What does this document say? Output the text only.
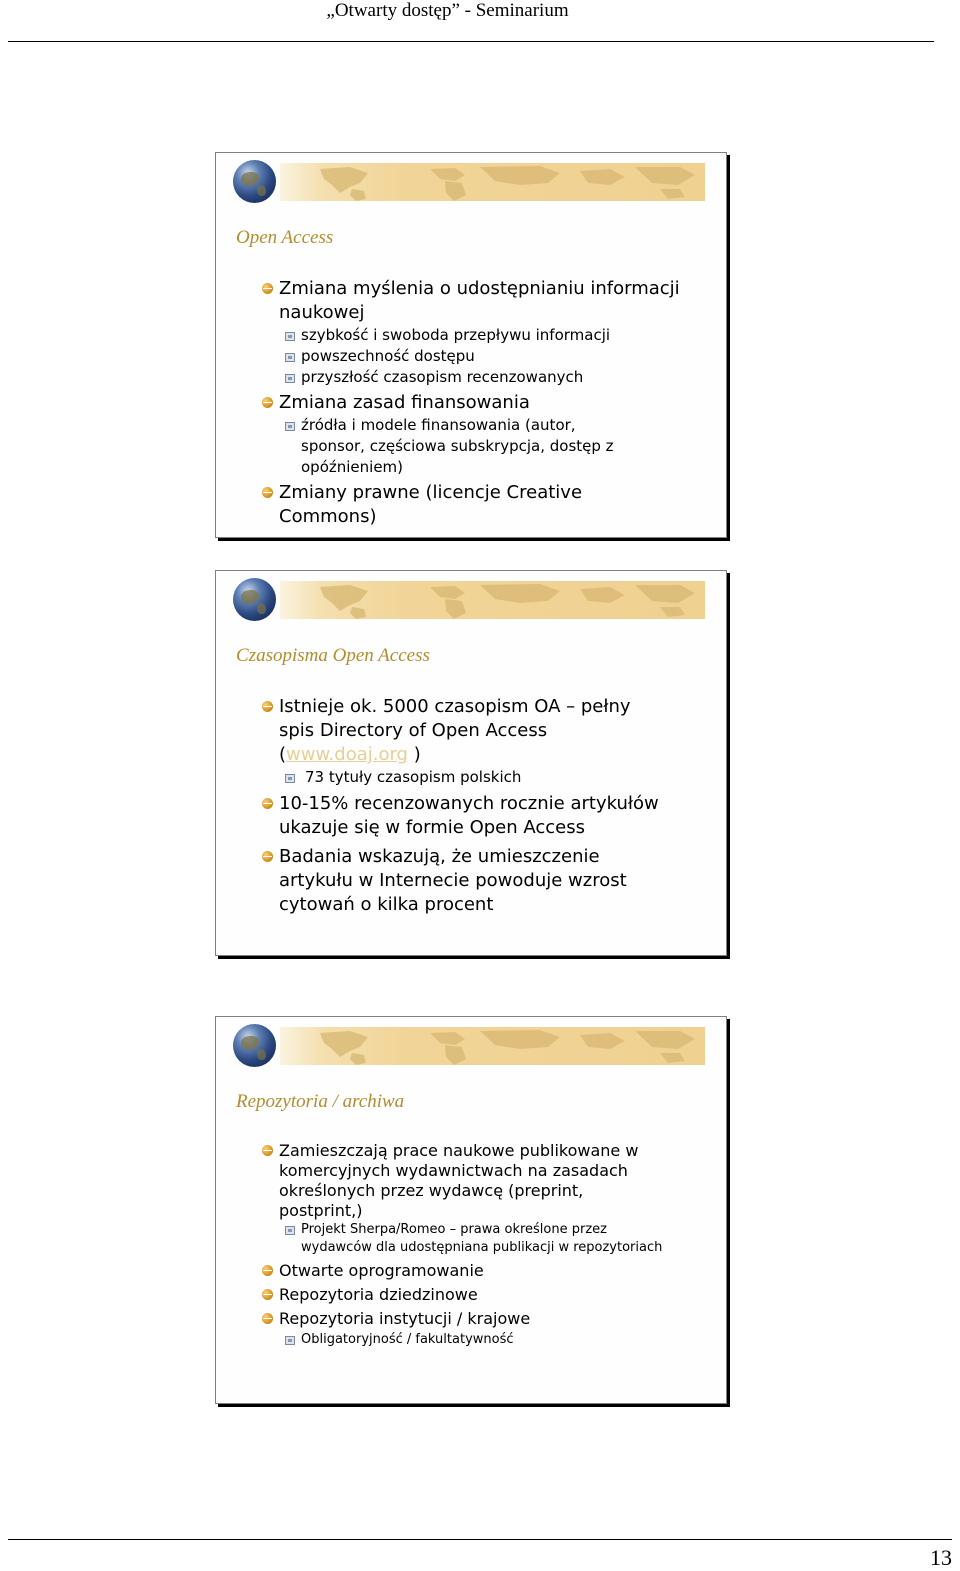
„Otwarty dostęp” - Seminarium
Open Access
Zmiana myślenia o udostępnianiu informacji naukowej
szybkość i swoboda przepływu informacji
powszechność dostępu
przyszłość czasopism recenzowanych
Zmiana zasad finansowania
źródła i modele finansowania (autor, sponsor, częściowa subskrypcja, dostęp z opóźnieniem)
Zmiany prawne (licencje Creative Commons)
Czasopisma Open Access
Istnieje ok. 5000 czasopism OA – pełny spis Directory of Open Access (www.doaj.org )
73 tytuły czasopism polskich
10-15% recenzowanych rocznie artykułów ukazuje się w formie Open Access
Badania wskazują, że umieszczenie artykułu w Internecie powoduje wzrost cytowań o kilka procent
Repozytoria / archiwa
Zamieszczają prace naukowe publikowane w komercyjnych wydawnictwach na zasadach określonych przez wydawcę (preprint, postprint,)
Projekt Sherpa/Romeo – prawa określone przez wydawców dla udostępniana publikacji w repozytoriach
Otwarte oprogramowanie
Repozytoria dziedzinowe
Repozytoria instytucji / krajowe
Obligatoryjność / fakultatywność
13
